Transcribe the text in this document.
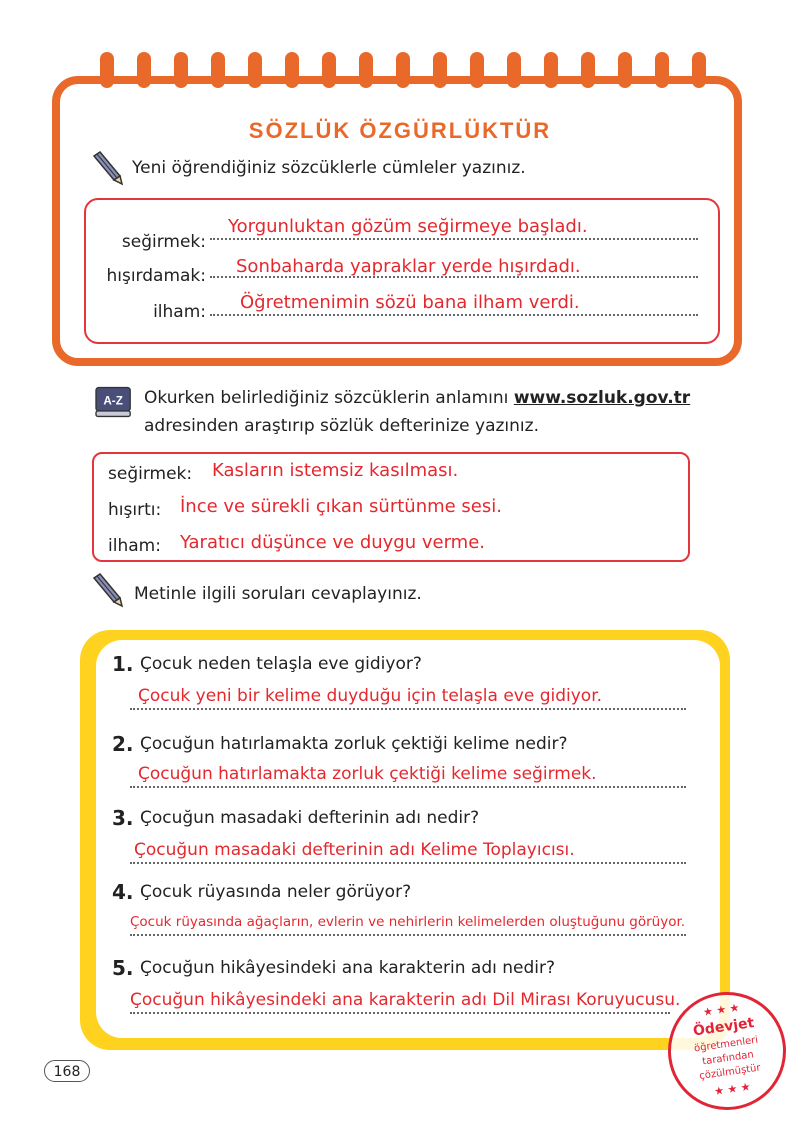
SÖZLÜK ÖZGÜRLÜKTÜR
Yeni öğrendiğiniz sözcüklerle cümleler yazınız.
seğirmek:
Yorgunluktan gözüm seğirmeye başladı.
hışırdamak: Sonbaharda yapraklar yerde hışırdadı.
ilham: Öğretmenimin sözü bana ilham verdi.
A-Z Okurken belirlediğiniz sözcüklerin anlamını www.sozluk.gov.tr
adresinden araştırıp sözlük defterinize yazınız.
seğirmek: Kasların istemsiz kasılması.
hışırtı: İnce ve sürekli çıkan sürtünme sesi.
ilham: Yaratıcı düşünce ve duygu verme.
Metinle ilgili soruları cevaplayınız.
1. Çocuk neden telaşla eve gidiyor?
Çocuk yeni bir kelime duyduğu için telaşla eve gidiyor.
2. Çocuğun hatırlamakta zorluk çektiği kelime nedir?
Çocuğun hatırlamakta zorluk çektiği kelime seğirmek.
3. Çocuğun masadaki defterinin adı nedir?
Çocuğun masadaki defterinin adı Kelime Toplayıcısı.
4. Çocuk rüyasında neler görüyor?
Çocuk rüyasında ağaçların, evlerin ve nehirlerin kelimelerden oluştuğunu görüyor.
5. Çocuğun hikâyesindeki ana karakterin adı nedir?
Çocuğun hikâyesindeki ana karakterin adı Dil Mirası Koruyucusu.
168
★ ★ ★
Ödevjet
öğretmenleri
tarafından
çözülmüştür
★ ★ ★
